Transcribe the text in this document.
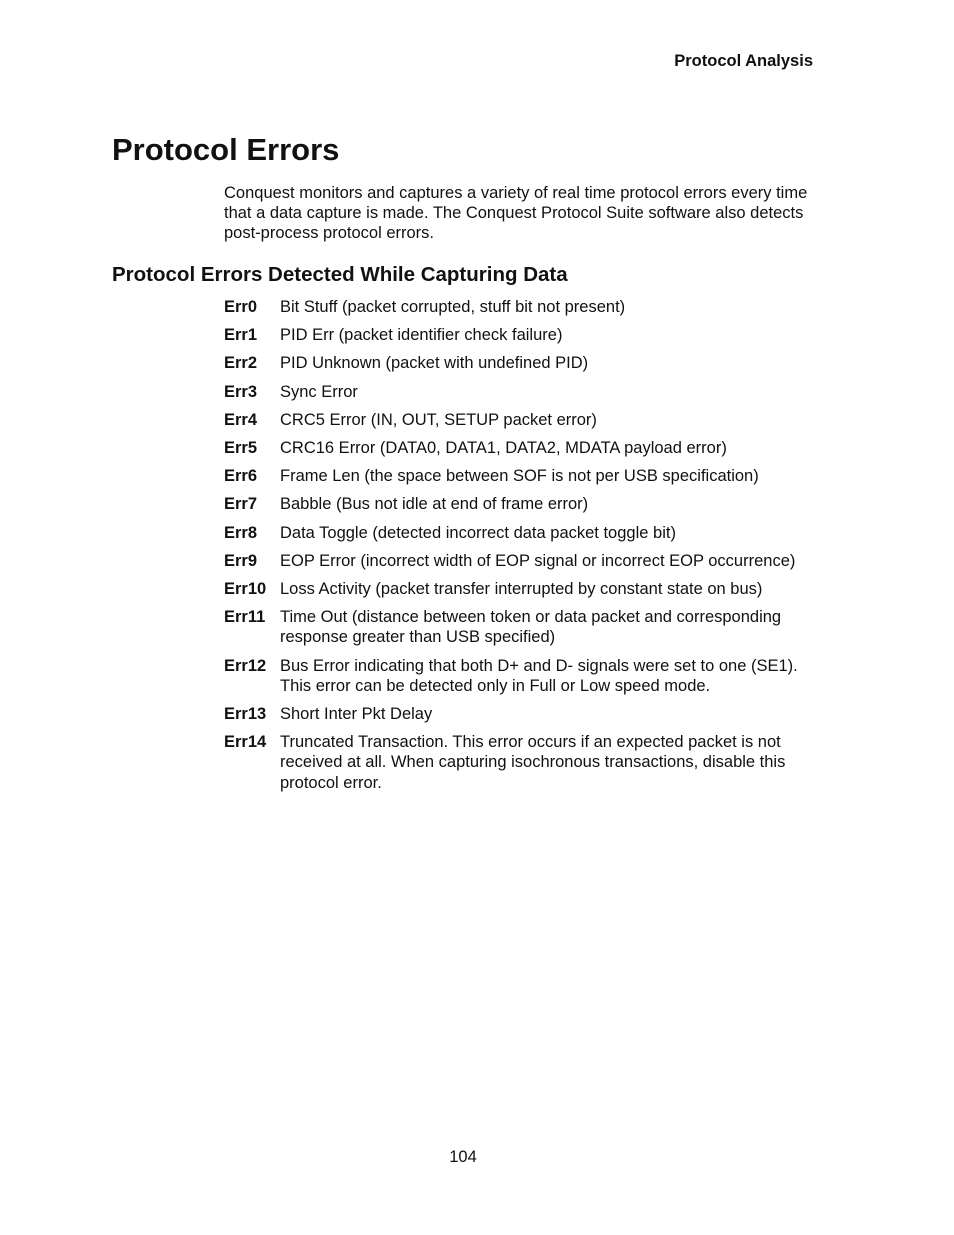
Protocol Analysis

Protocol Errors

Conquest monitors and captures a variety of real time protocol errors every time that a data capture is made. The Conquest Protocol Suite software also detects post-process protocol errors.

Protocol Errors Detected While Capturing Data
Err0	Bit Stuff (packet corrupted, stuff bit not present)
Err1	PID Err (packet identifier check failure)
Err2	PID Unknown (packet with undefined PID)
Err3	Sync Error
Err4	CRC5 Error (IN, OUT, SETUP packet error)
Err5	CRC16 Error (DATA0, DATA1, DATA2, MDATA payload error)
Err6	Frame Len (the space between SOF is not per USB specification)
Err7	Babble (Bus not idle at end of frame error)
Err8	Data Toggle (detected incorrect data packet toggle bit)
Err9	EOP Error (incorrect width of EOP signal or incorrect EOP occurrence)
Err10 Loss Activity (packet transfer interrupted by constant state on bus)
Err11 Time Out (distance between token or data packet and corresponding response greater than USB specified)
Err12 Bus Error indicating that both D+ and D- signals were set to one (SE1). This error can be detected only in Full or Low speed mode.
Err13 Short Inter Pkt Delay
Err14 Truncated Transaction. This error occurs if an expected packet is not received at all. When capturing isochronous transactions, disable this protocol error.

104
